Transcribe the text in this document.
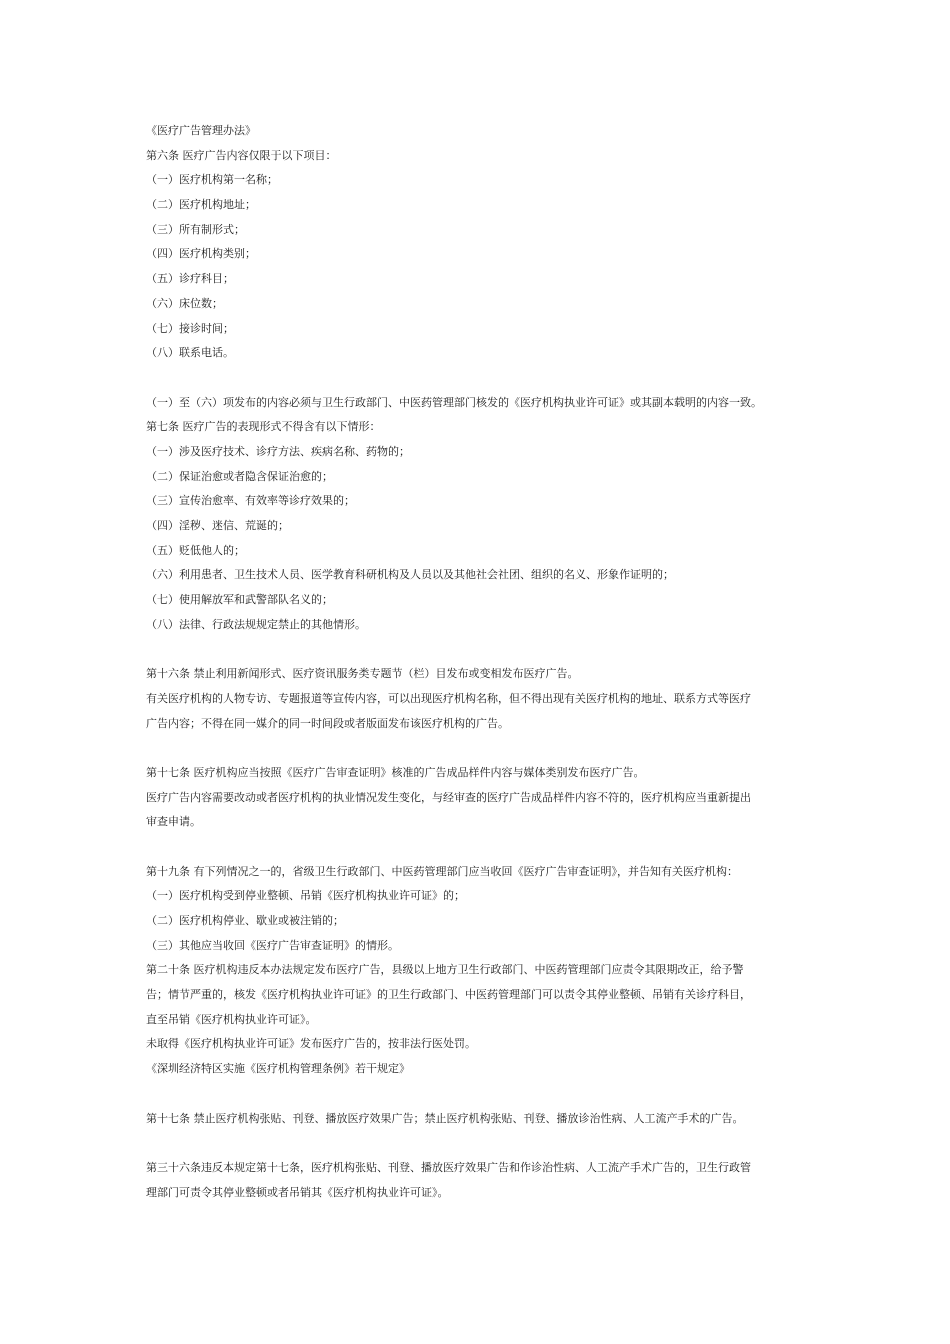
《医疗广告管理办法》
第六条 医疗广告内容仅限于以下项目：
（一）医疗机构第一名称；
（二）医疗机构地址；
（三）所有制形式；
（四）医疗机构类别；
（五）诊疗科目；
（六）床位数；
（七）接诊时间；
（八）联系电话。
（一）至（六）项发布的内容必须与卫生行政部门、中医药管理部门核发的《医疗机构执业许可证》或其副本载明的内容一致。
第七条 医疗广告的表现形式不得含有以下情形：
（一）涉及医疗技术、诊疗方法、疾病名称、药物的；
（二）保证治愈或者隐含保证治愈的；
（三）宣传治愈率、有效率等诊疗效果的；
（四）淫秽、迷信、荒诞的；
（五）贬低他人的；
（六）利用患者、卫生技术人员、医学教育科研机构及人员以及其他社会社团、组织的名义、形象作证明的；
（七）使用解放军和武警部队名义的；
（八）法律、行政法规规定禁止的其他情形。
第十六条 禁止利用新闻形式、医疗资讯服务类专题节（栏）目发布或变相发布医疗广告。
有关医疗机构的人物专访、专题报道等宣传内容，可以出现医疗机构名称，但不得出现有关医疗机构的地址、联系方式等医疗
广告内容；不得在同一媒介的同一时间段或者版面发布该医疗机构的广告。
第十七条 医疗机构应当按照《医疗广告审查证明》核准的广告成品样件内容与媒体类别发布医疗广告。
医疗广告内容需要改动或者医疗机构的执业情况发生变化，与经审查的医疗广告成品样件内容不符的，医疗机构应当重新提出
审查申请。
第十九条 有下列情况之一的，省级卫生行政部门、中医药管理部门应当收回《医疗广告审查证明》，并告知有关医疗机构：
（一）医疗机构受到停业整顿、吊销《医疗机构执业许可证》的；
（二）医疗机构停业、歇业或被注销的；
（三）其他应当收回《医疗广告审查证明》的情形。
第二十条 医疗机构违反本办法规定发布医疗广告，县级以上地方卫生行政部门、中医药管理部门应责令其限期改正，给予警
告；情节严重的，核发《医疗机构执业许可证》的卫生行政部门、中医药管理部门可以责令其停业整顿、吊销有关诊疗科目，
直至吊销《医疗机构执业许可证》。
未取得《医疗机构执业许可证》发布医疗广告的，按非法行医处罚。
《深圳经济特区实施《医疗机构管理条例》若干规定》
第十七条 禁止医疗机构张贴、刊登、播放医疗效果广告；禁止医疗机构张贴、刊登、播放诊治性病、人工流产手术的广告。
第三十六条违反本规定第十七条，医疗机构张贴、刊登、播放医疗效果广告和作诊治性病、人工流产手术广告的，卫生行政管
理部门可责令其停业整顿或者吊销其《医疗机构执业许可证》。
